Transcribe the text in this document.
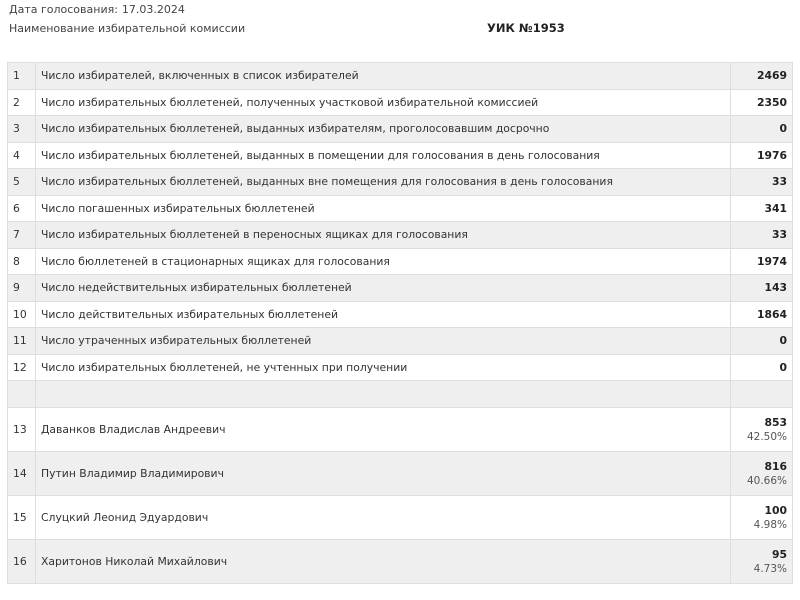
Дата голосования: 17.03.2024
Наименование избирательной комиссии	УИК №1953
1	Число избирателей, включенных в список избирателей	2469
2	Число избирательных бюллетеней, полученных участковой избирательной комиссией	2350
3	Число избирательных бюллетеней, выданных избирателям, проголосовавшим досрочно	0
4	Число избирательных бюллетеней, выданных в помещении для голосования в день голосования	1976
5	Число избирательных бюллетеней, выданных вне помещения для голосования в день голосования	33
6	Число погашенных избирательных бюллетеней	341
7	Число избирательных бюллетеней в переносных ящиках для голосования	33
8	Число бюллетеней в стационарных ящиках для голосования	1974
9	Число недействительных избирательных бюллетеней	143
10	Число действительных избирательных бюллетеней	1864
11	Число утраченных избирательных бюллетеней	0
12	Число избирательных бюллетеней, не учтенных при получении	0

13	Даванков Владислав Андреевич	853
42.50%

14	Путин Владимир Владимирович	816
40.66%

15	Слуцкий Леонид Эдуардович	100
4.98%

16	Харитонов Николай Михайлович	95
4.73%
